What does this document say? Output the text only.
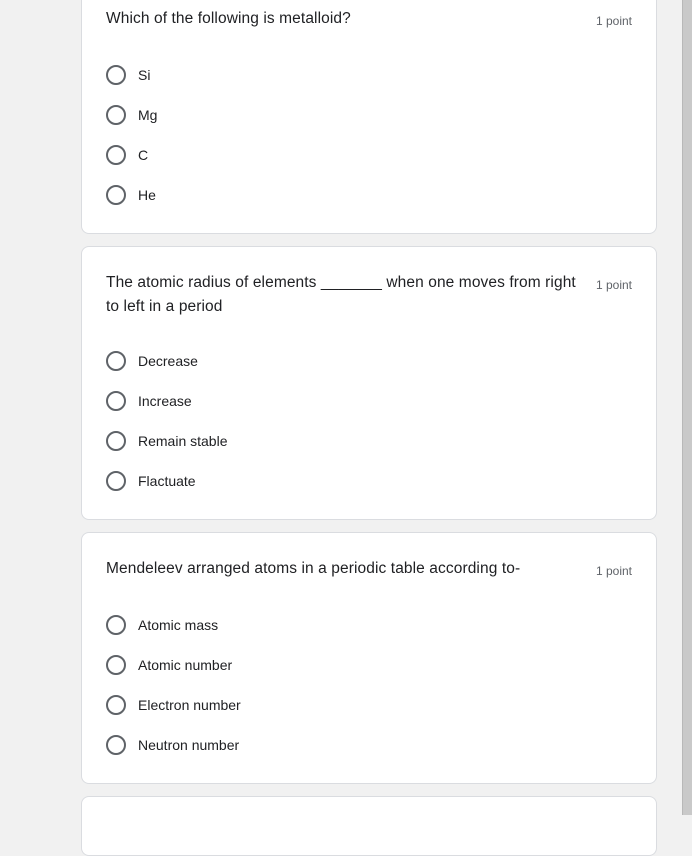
Which of the following is metalloid?	1 point
Si
Mg
C
He
The atomic radius of elements _______ when one moves from right to left in a period
1 point
Decrease
Increase
Remain stable
Flactuate
Mendeleev arranged atoms in a periodic table according to-	1 point
Atomic mass
Atomic number
Electron number
Neutron number
